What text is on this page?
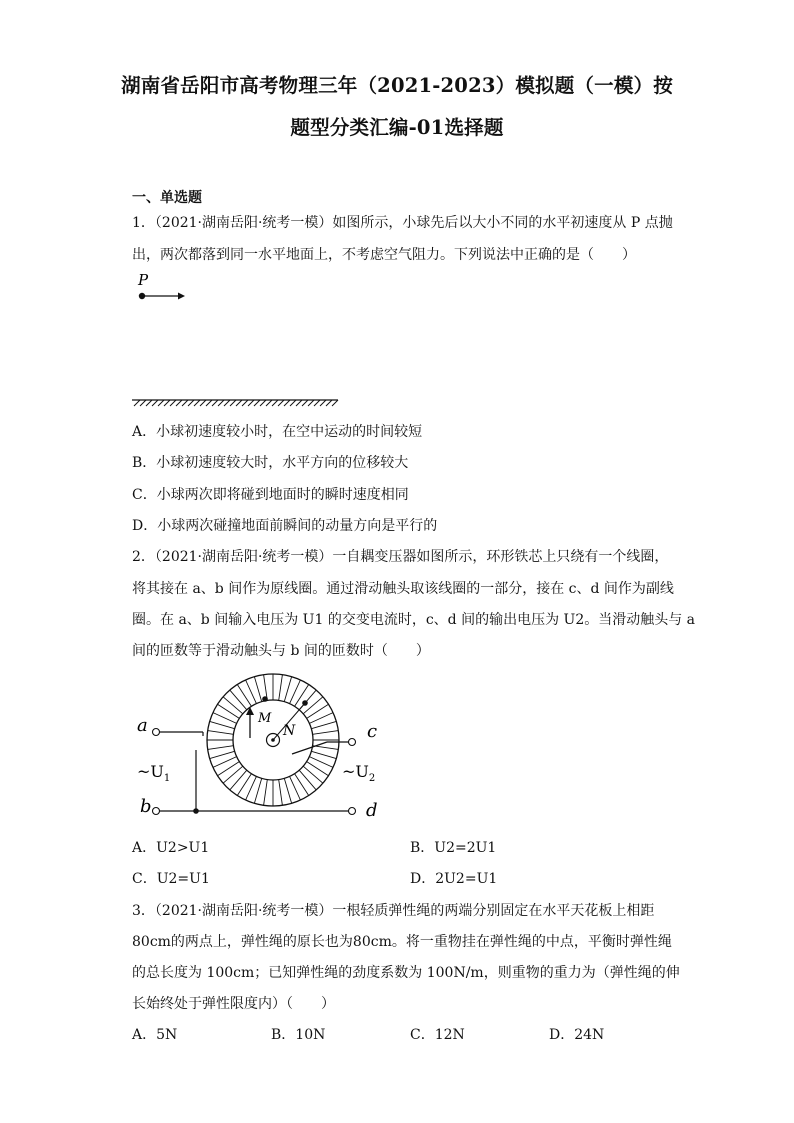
湖南省岳阳市高考物理三年（2021-2023）模拟题（一模）按
题型分类汇编-01选择题
一、单选题
1．（2021·湖南岳阳·统考一模）如图所示，小球先后以大小不同的水平初速度从 P 点抛
出，两次都落到同一水平地面上，不考虑空气阻力。下列说法中正确的是（　　）
P
A．小球初速度较小时，在空中运动的时间较短
B．小球初速度较大时，水平方向的位移较大
C．小球两次即将碰到地面时的瞬时速度相同
D．小球两次碰撞地面前瞬间的动量方向是平行的
2．（2021·湖南岳阳·统考一模）一自耦变压器如图所示，环形铁芯上只绕有一个线圈，
将其接在 a、b 间作为原线圈。通过滑动触头取该线圈的一部分，接在 c、d 间作为副线
圈。在 a、b 间输入电压为 U1 的交变电流时，c、d 间的输出电压为 U2。当滑动触头与 a
间的匝数等于滑动触头与 b 间的匝数时（　　）
a
b
c
d
M
N
$\sim U_1$	$\sim U_2$
A．U2>U1	B．U2=2U1
C．U2=U1	D．2U2=U1
3．（2021·湖南岳阳·统考一模）一根轻质弹性绳的两端分别固定在水平天花板上相距
80cm的两点上，弹性绳的原长也为80cm。将一重物挂在弹性绳的中点，平衡时弹性绳
的总长度为 100cm；已知弹性绳的劲度系数为 100N/m，则重物的重力为（弹性绳的伸
长始终处于弹性限度内）（　　）
A．5N	B．10N	C．12N	D．24N
